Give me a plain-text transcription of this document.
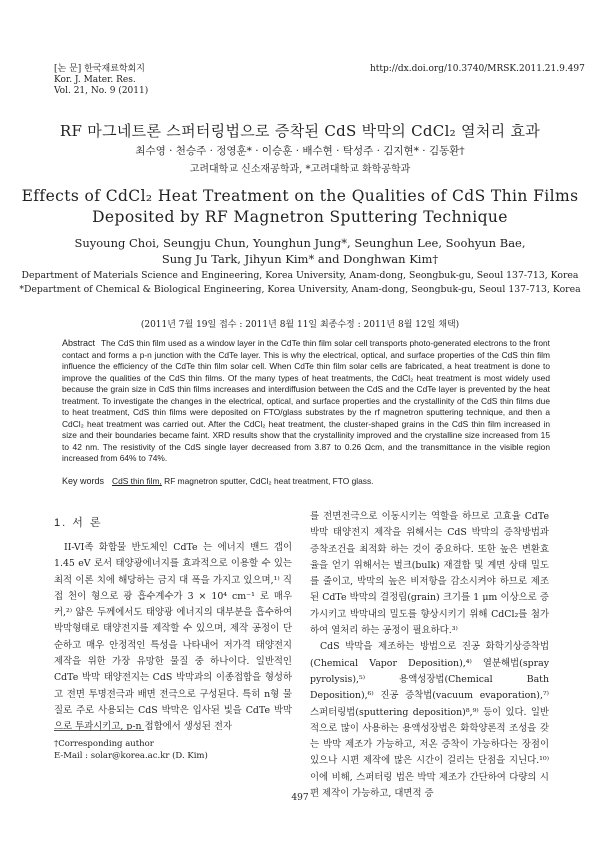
[논 문] 한국재료학회지
Kor. J. Mater. Res.
Vol. 21, No. 9 (2011)
http://dx.doi.org/10.3740/MRSK.2011.21.9.497
RF 마그네트론 스퍼터링법으로 증착된 CdS 박막의 CdCl₂ 열처리 효과
최수영 · 천승주 · 정영훈* · 이승훈 · 배수현 · 탁성주 · 김지현* · 김동환†
고려대학교 신소재공학과, *고려대학교 화학공학과
Effects of CdCl₂ Heat Treatment on the Qualities of CdS Thin Films
Deposited by RF Magnetron Sputtering Technique
Suyoung Choi, Seungju Chun, Younghun Jung*, Seunghun Lee, Soohyun Bae,
Sung Ju Tark, Jihyun Kim* and Donghwan Kim†
Department of Materials Science and Engineering, Korea University, Anam-dong, Seongbuk-gu, Seoul 137-713, Korea
*Department of Chemical & Biological Engineering, Korea University, Anam-dong, Seongbuk-gu, Seoul 137-713, Korea
(2011년 7월 19일 접수 : 2011년 8월 11일 최종수정 : 2011년 8월 12일 채택)
Abstract The CdS thin film used as a window layer in the CdTe thin film solar cell transports photo-generated electrons to the front contact and forms a p-n junction with the CdTe layer. This is why the electrical, optical, and surface properties of the CdS thin film influence the efficiency of the CdTe thin film solar cell. When CdTe thin film solar cells are fabricated, a heat treatment is done to improve the qualities of the CdS thin films. Of the many types of heat treatments, the CdCl₂ heat treatment is most widely used because the grain size in CdS thin films increases and interdiffusion between the CdS and the CdTe layer is prevented by the heat treatment. To investigate the changes in the electrical, optical, and surface properties and the crystallinity of the CdS thin films due to heat treatment, CdS thin films were deposited on FTO/glass substrates by the rf magnetron sputtering technique, and then a CdCl₂ heat treatment was carried out. After the CdCl₂ heat treatment, the cluster-shaped grains in the CdS thin film increased in size and their boundaries became faint. XRD results show that the crystallinity improved and the crystalline size increased from 15 to 42 nm. The resistivity of the CdS single layer decreased from 3.87 to 0.26 Ωcm, and the transmittance in the visible region increased from 64% to 74%.
Key words CdS thin film, RF magnetron sputter, CdCl₂ heat treatment, FTO glass.
1. 서 론

II-VI족 화합물 반도체인 CdTe 는 에너지 밴드 갭이 1.45 eV 로서 태양광에너지를 효과적으로 이용할 수 있는 최적 이론 치에 해당하는 금지 대 폭을 가지고 있으며,¹⁾ 직접 천이 형으로 광 흡수계수가 3 × 10⁴ cm⁻¹ 로 매우 커,²⁾ 얇은 두께에서도 태양광 에너지의 대부분을 흡수하여 박막형태로 태양전지를 제작할 수 있으며, 제작 공정이 단순하고 매우 안정적인 특성을 나타내어 저가격 태양전지 제작을 위한 가장 유망한 물질 중 하나이다. 일반적인 CdTe 박막 태양전지는 CdS 박막과의 이종접합을 형성하고 전면 투명전극과 배면 전극으로 구성된다. 특히 n형 물질로 주로 사용되는 CdS 박막은 입사된 빛을 CdTe 박막으로 투과시키고, p-n 접합에서 생성된 전자

를 전면전극으로 이동시키는 역할을 하므로 고효율 CdTe 박막 태양전지 제작을 위해서는 CdS 박막의 증착방법과 증착조건을 최적화 하는 것이 중요하다. 또한 높은 변환효율을 얻기 위해서는 벌크(bulk) 재결합 및 계면 상태 밀도를 줄이고, 박막의 높은 비저항을 감소시켜야 하므로 제조된 CdTe 박막의 결정립(grain) 크기를 1 μm 이상으로 증가시키고 박막내의 밀도를 향상시키기 위해 CdCl₂를 첨가하여 열처리 하는 공정이 필요하다.³⁾

CdS 박막을 제조하는 방법으로 진공 화학기상증착법(Chemical Vapor Deposition),⁴⁾ 열분해법(spray pyrolysis),⁵⁾ 용액성장법(Chemical Bath Deposition),⁶⁾ 진공 증착법(vacuum evaporation),⁷⁾ 스퍼터링법(sputtering deposition)⁸,⁹⁾ 등이 있다. 일반적으로 많이 사용하는 용액성장법은 화학양론적 조성을 갖는 박막 제조가 가능하고, 저온 증착이 가능하다는 장점이 있으나 시편 제작에 많은 시간이 걸리는 단점을 지닌다.¹⁰⁾ 이에 비해, 스퍼터링 법은 박막 제조가 간단하여 다량의 시편 제작이 가능하고, 대면적 증

†Corresponding author
E-Mail : solar@korea.ac.kr (D. Kim)
497
